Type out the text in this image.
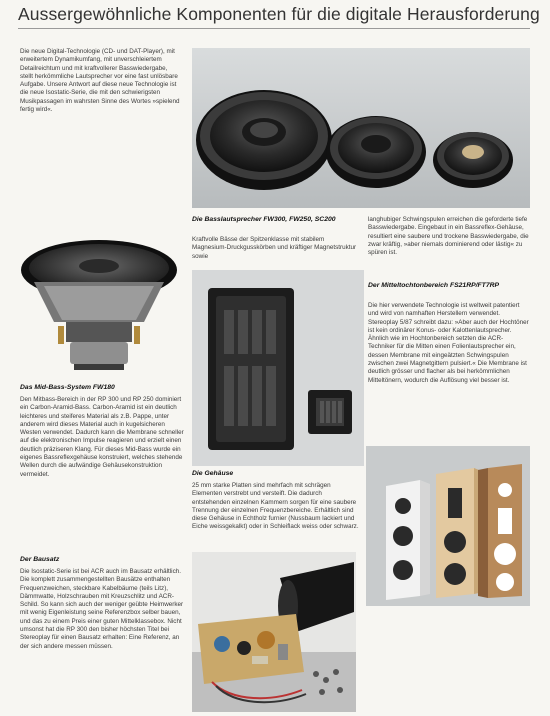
Aussergewöhnliche Komponenten für die digitale Herausforderung
Die neue Digital-Technologie (CD- und DAT-Player), mit erweitertem Dynamikumfang, mit unverschleiertem Detailreichtum und mit kraftvollerer Basswiedergabe, stellt herkömmliche Lautsprecher vor eine fast unlösbare Aufgabe. Unsere Antwort auf diese neue Technologie ist die neue Isostatic-Serie, die mit den schwierigsten Musikpassagen im wahrsten Sinne des Wortes »spielend fertig wird«.
Die Basslautsprecher FW300, FW250, SC200
Kraftvolle Bässe der Spitzenklasse mit stabilem Magnesium-Druckgusskörben und kräftiger Magnetstruktur sowie
langhubiger Schwingspulen erreichen die geforderte tiefe Basswiedergabe. Eingebaut in ein Bassreflex-Gehäuse, resultiert eine saubere und trockene Basswiedergabe, die zwar kräftig, »aber niemals dominierend oder lästig« zu spüren ist.
Der Mitteltochtonbereich FS21RP/FT7RP
Die hier verwendete Technologie ist weltweit patentiert und wird von namhaften Herstellern verwendet. Stereoplay 5/87 schreibt dazu: »Aber auch der Hochtöner ist kein ordinärer Konus- oder Kalottenlautsprecher. Ähnlich wie im Hochtonbereich setzten die ACR-Techniker für die Mitten einen Folienlautsprecher ein, dessen Membrane mit eingeätzten Schwingspulen zwischen zwei Magnetgittern pulsiert.« Die Membrane ist deutlich grösser und flacher als bei herkömmlichen Mitteltönern, wodurch die Auflösung viel besser ist.
Das Mid-Bass-System FW180
Den Mitbass-Bereich in der RP 300 und RP 250 dominiert ein Carbon-Aramid-Bass. Carbon-Aramid ist ein deutlich leichteres und steiferes Material als z.B. Pappe, unter anderem wird dieses Material auch in kugelsicheren Westen verwendet. Dadurch kann die Membrane schneller auf die elektronischen Impulse reagieren und erzielt einen deutlich präziseren Klang. Für dieses Mid-Bass wurde ein eigenes Bassreflexgehäuse konstruiert, welches stehende Wellen durch die aufwändige Gehäusekonstruktion vermeidet.	Die Gehäuse
25 mm starke Platten sind mehrfach mit schrägen Elementen verstrebt und versteift. Die dadurch entstehenden einzelnen Kammern sorgen für eine saubere Trennung der einzelnen Frequenzbereiche. Erhältlich sind diese Gehäuse in Echtholz furnier (Nussbaum lackiert und Eiche weissgekalkt) oder in Schleiflack weiss oder schwarz.
Der Bausatz
Die Isostatic-Serie ist bei ACR auch im Bausatz erhältlich. Die komplett zusammengestellten Bausätze enthalten Frequenzweichen, steckbare Kabelbäume (teils Litz), Dämmwatte, Holzschrauben mit Kreuzschlitz und ACR-Schild. So kann sich auch der weniger geübte Heimwerker mit wenig Eigenleistung seine Referenzbox selber bauen, und das zu einem Preis einer guten Mittelklassebox. Nicht umsonst hat die RP 300 den bisher höchsten Titel bei Stereoplay für einen Bausatz erhalten: Eine Referenz, an der sich andere messen müssen.
